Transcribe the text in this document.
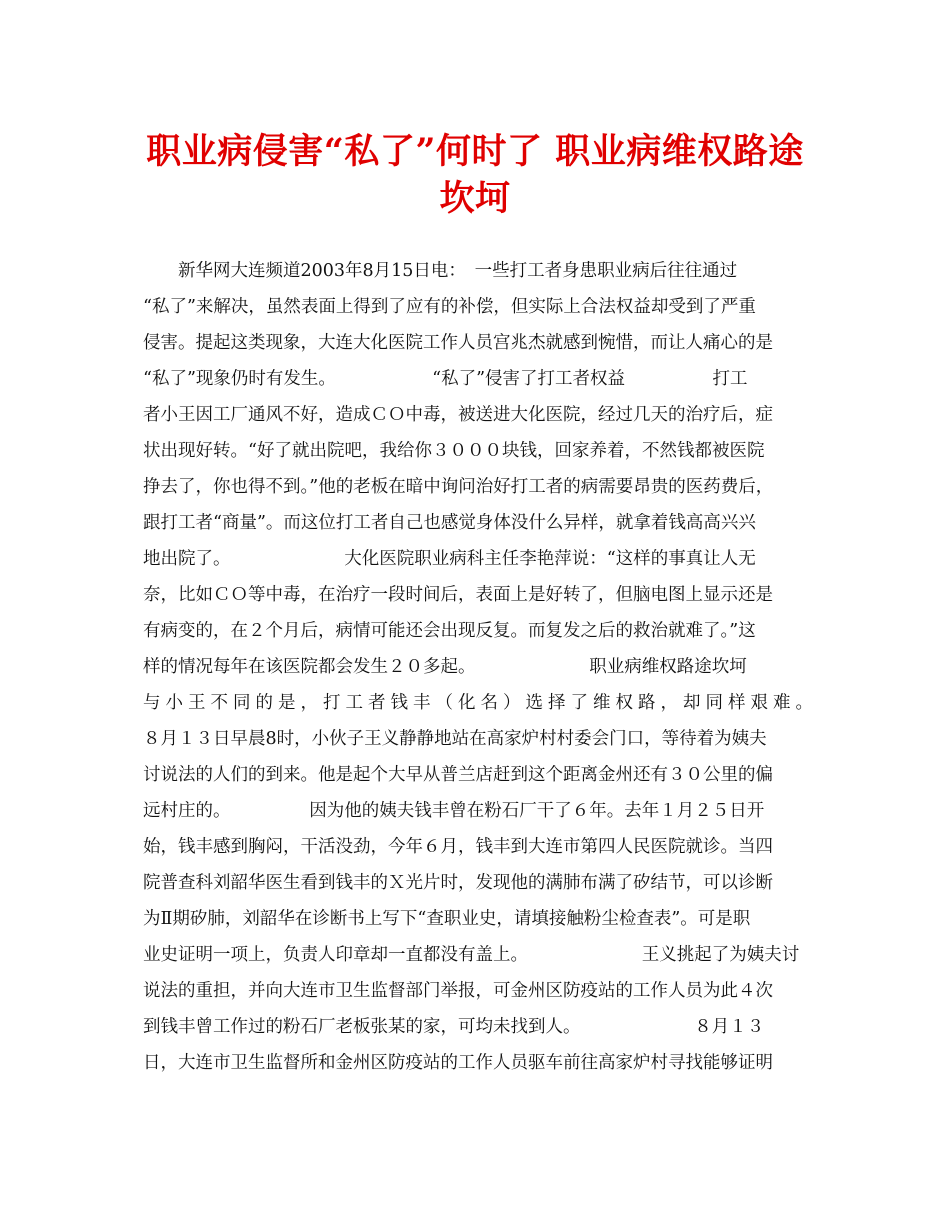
职业病侵害“私了”何时了 职业病维权路途
坎坷
　　新华网大连频道2003年8月15日电：　一些打工者身患职业病后往往通过
“私了”来解决，虽然表面上得到了应有的补偿，但实际上合法权益却受到了严重
侵害。提起这类现象，大连大化医院工作人员宫兆杰就感到惋惜，而让人痛心的是
“私了”现象仍时有发生。　　　　　　“私了”侵害了打工者权益　　　　　打工
者小王因工厂通风不好，造成ＣＯ中毒，被送进大化医院，经过几天的治疗后，症
状出现好转。“好了就出院吧，我给你３０００块钱，回家养着，不然钱都被医院
挣去了，你也得不到。”他的老板在暗中询问治好打工者的病需要昂贵的医药费后，
跟打工者“商量”。而这位打工者自己也感觉身体没什么异样，就拿着钱高高兴兴
地出院了。　　　　　　　大化医院职业病科主任李艳萍说：“这样的事真让人无
奈，比如ＣＯ等中毒，在治疗一段时间后，表面上是好转了，但脑电图上显示还是
有病变的，在２个月后，病情可能还会出现反复。而复发之后的救治就难了。”这
样的情况每年在该医院都会发生２０多起。　　　　　　　职业病维权路途坎坷
与小王不同的是，打工者钱丰（化名）选择了维权路，却同样艰难。
８月１３日早晨8时，小伙子王义静静地站在高家炉村村委会门口，等待着为姨夫
讨说法的人们的到来。他是起个大早从普兰店赶到这个距离金州还有３０公里的偏
远村庄的。　　　　　因为他的姨夫钱丰曾在粉石厂干了６年。去年１月２５日开
始，钱丰感到胸闷，干活没劲，今年６月，钱丰到大连市第四人民医院就诊。当四
院普查科刘韶华医生看到钱丰的Ｘ光片时，发现他的满肺布满了矽结节，可以诊断
为Ⅱ期矽肺，刘韶华在诊断书上写下“查职业史，请填接触粉尘检查表”。可是职
业史证明一项上，负责人印章却一直都没有盖上。　　　　　　　王义挑起了为姨夫讨
说法的重担，并向大连市卫生监督部门举报，可金州区防疫站的工作人员为此４次
到钱丰曾工作过的粉石厂老板张某的家，可均未找到人。　　　　　　　８月１３
日，大连市卫生监督所和金州区防疫站的工作人员驱车前往高家炉村寻找能够证明
